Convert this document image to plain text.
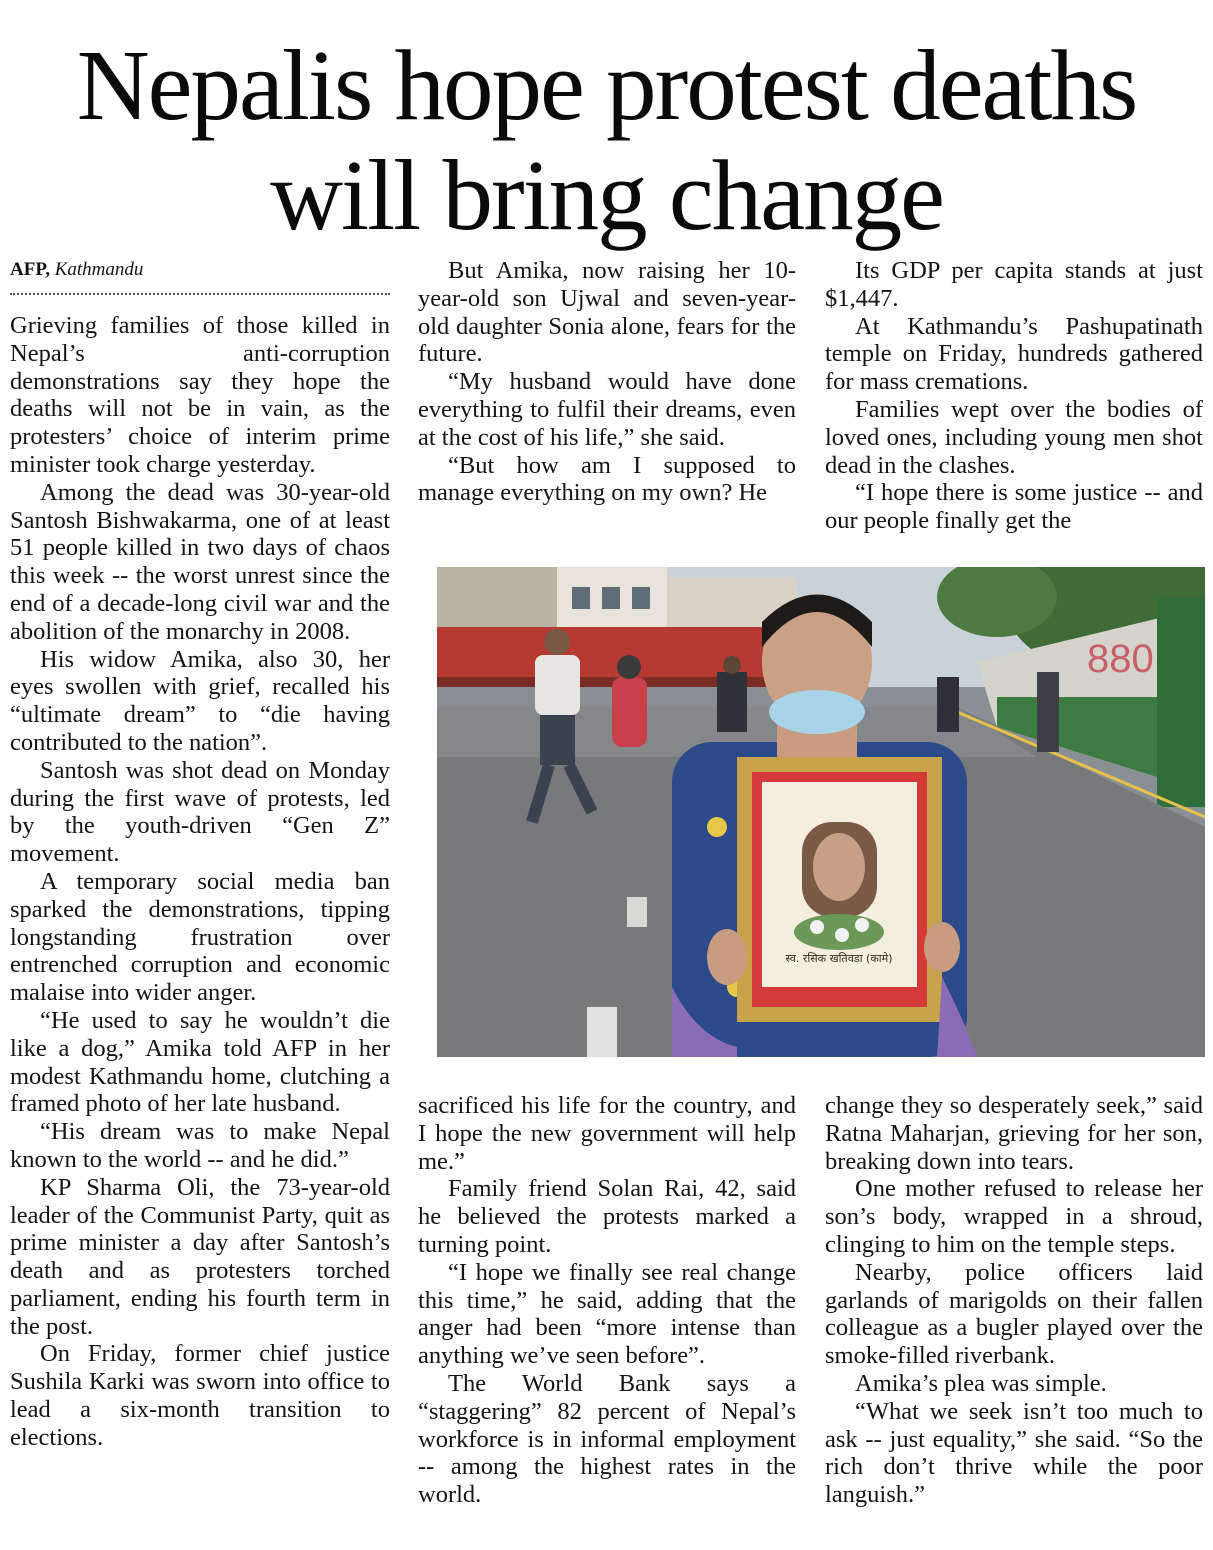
Nepalis hope protest deaths
will bring change
AFP, Kathmandu

Grieving families of those killed in Nepal’s anti-corruption demonstrations say they hope the deaths will not be in vain, as the protesters’ choice of interim prime minister took charge yesterday.

Among the dead was 30-year-old Santosh Bishwakarma, one of at least 51 people killed in two days of chaos this week -- the worst unrest since the end of a decade-long civil war and the abolition of the monarchy in 2008.

His widow Amika, also 30, her eyes swollen with grief, recalled his “ultimate dream” to “die having contributed to the nation”.

Santosh was shot dead on Monday during the first wave of protests, led by the youth-driven “Gen Z” movement.

A temporary social media ban sparked the demonstrations, tipping longstanding frustration over entrenched corruption and economic malaise into wider anger.

“He used to say he wouldn’t die like a dog,” Amika told AFP in her modest Kathmandu home, clutching a framed photo of her late husband.

“His dream was to make Nepal known to the world -- and he did.”

KP Sharma Oli, the 73-year-old leader of the Communist Party, quit as prime minister a day after Santosh’s death and as protesters torched parliament, ending his fourth term in the post.

On Friday, former chief justice Sushila Karki was sworn into office to lead a six-month transition to elections.

But Amika, now raising her 10-year-old son Ujwal and seven-year-old daughter Sonia alone, fears for the future.

“My husband would have done everything to fulfil their dreams, even at the cost of his life,” she said.

“But how am I supposed to manage everything on my own? He

Its GDP per capita stands at just $1,447.

At Kathmandu’s Pashupatinath temple on Friday, hundreds gathered for mass cremations.

Families wept over the bodies of loved ones, including young men shot dead in the clashes.

“I hope there is some justice -- and our people finally get the

880
स्व. रसिक खतिवडा (कामे)

sacrificed his life for the country, and I hope the new government will help me.”

Family friend Solan Rai, 42, said he believed the protests marked a turning point.

“I hope we finally see real change this time,” he said, adding that the anger had been “more intense than anything we’ve seen before”.

The World Bank says a “staggering” 82 percent of Nepal’s workforce is in informal employment -- among the highest rates in the world.

change they so desperately seek,” said Ratna Maharjan, grieving for her son, breaking down into tears.

One mother refused to release her son’s body, wrapped in a shroud, clinging to him on the temple steps.

Nearby, police officers laid garlands of marigolds on their fallen colleague as a bugler played over the smoke-filled riverbank.

Amika’s plea was simple.

“What we seek isn’t too much to ask -- just equality,” she said. “So the rich don’t thrive while the poor languish.”
